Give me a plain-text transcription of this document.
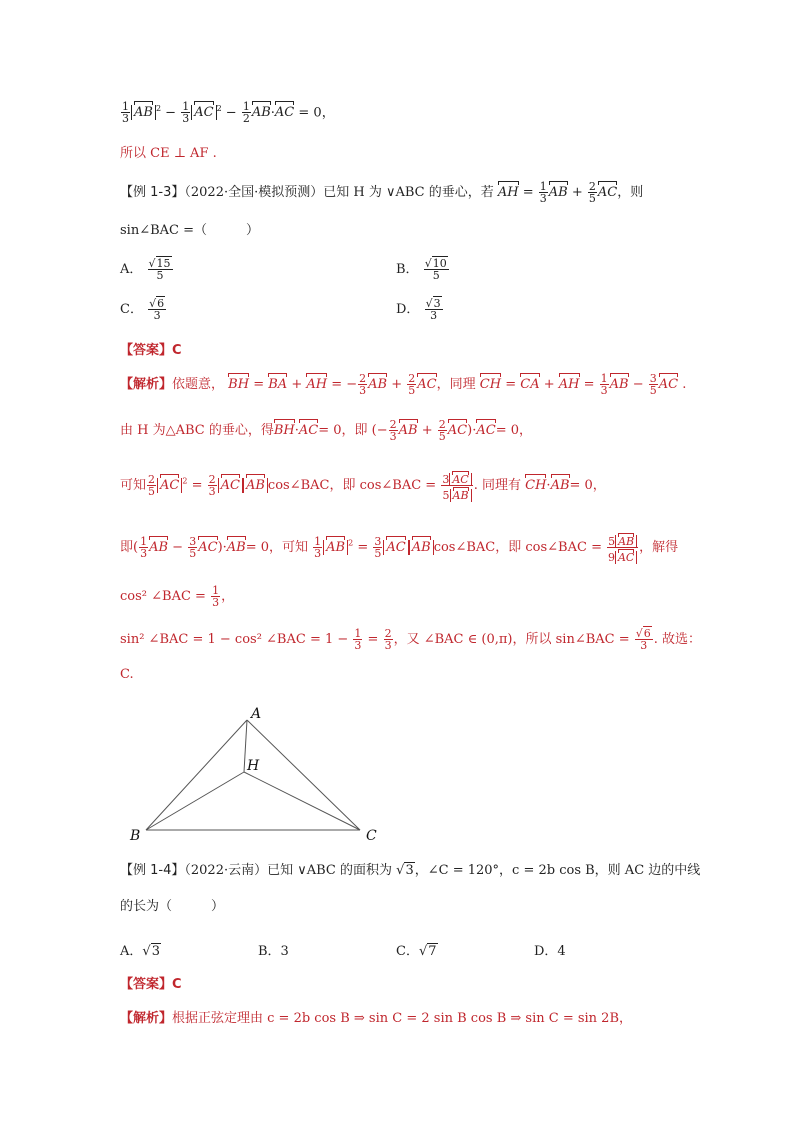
$\frac{1}{3}$ AB $^2 - \frac{1}{3}$ AC $^2 - \frac{1}{2} AB\cdot AC = 0$，
所以 CE ⊥ AF .
【例 1-3】（2022·全国·模拟预测）已知 H 为 ∨ABC 的垂心，若 AH = $\frac{1}{3}$ AB + $\frac{2}{5}$ AC，则
sin∠BAC =（　　　）
A． $\frac{√15}{5}$	B． $\frac{√10}{5}$
C． $\frac{√6}{3}$	D． $\frac{√3}{3}$
【答案】C
【解析】依题意， BH = BA + AH = − $\frac{2}{3}$ AB + $\frac{2}{5}$ AC，同理 CH = CA + AH = $\frac{1}{3}$ AB − $\frac{3}{5}$ AC .
由 H 为△ABC 的垂心，得BH·AC= 0，即 (− $\frac{2}{3}$ AB + $\frac{2}{5} AC)\cdot AC= 0$，
可知 $\frac{2}{5}$ AC $^2 = \frac{2}{3}$ AC AB cos∠BAC，即 cos∠BAC = $\frac{3 AC}{5 AB}$ . 同理有 CH·AB= 0，
即( $\frac{1}{3}$ AB − $\frac{3}{5} AC)\cdot AB= 0$，可知 $\frac{1}{3}$ AB $^2 = \frac{3}{5}$ AC AB cos∠BAC，即 cos∠BAC = $\frac{5 AB}{9 AC}$ ，解得
cos² ∠BAC = $\frac{1}{3}$ ，
sin² ∠BAC = 1 − cos² ∠BAC = $1 - \frac{1}{3} = \frac{2}{3}$ ，又 ∠BAC ∈ (0,π)，所以 sin∠BAC = $\frac{√6}{3}$ . 故选：
C.
A
H
B	C
【例 1-4】（2022·云南）已知 ∨ABC 的面积为 √3，∠C = 120°，c = 2b cos B，则 AC 边的中线
的长为（　　　）
A．√3	B．3	C．√7	D．4
【答案】C
【解析】根据正弦定理由 c = 2b cos B ⇒ sin C = 2 sin B cos B ⇒ sin C = sin 2B，
